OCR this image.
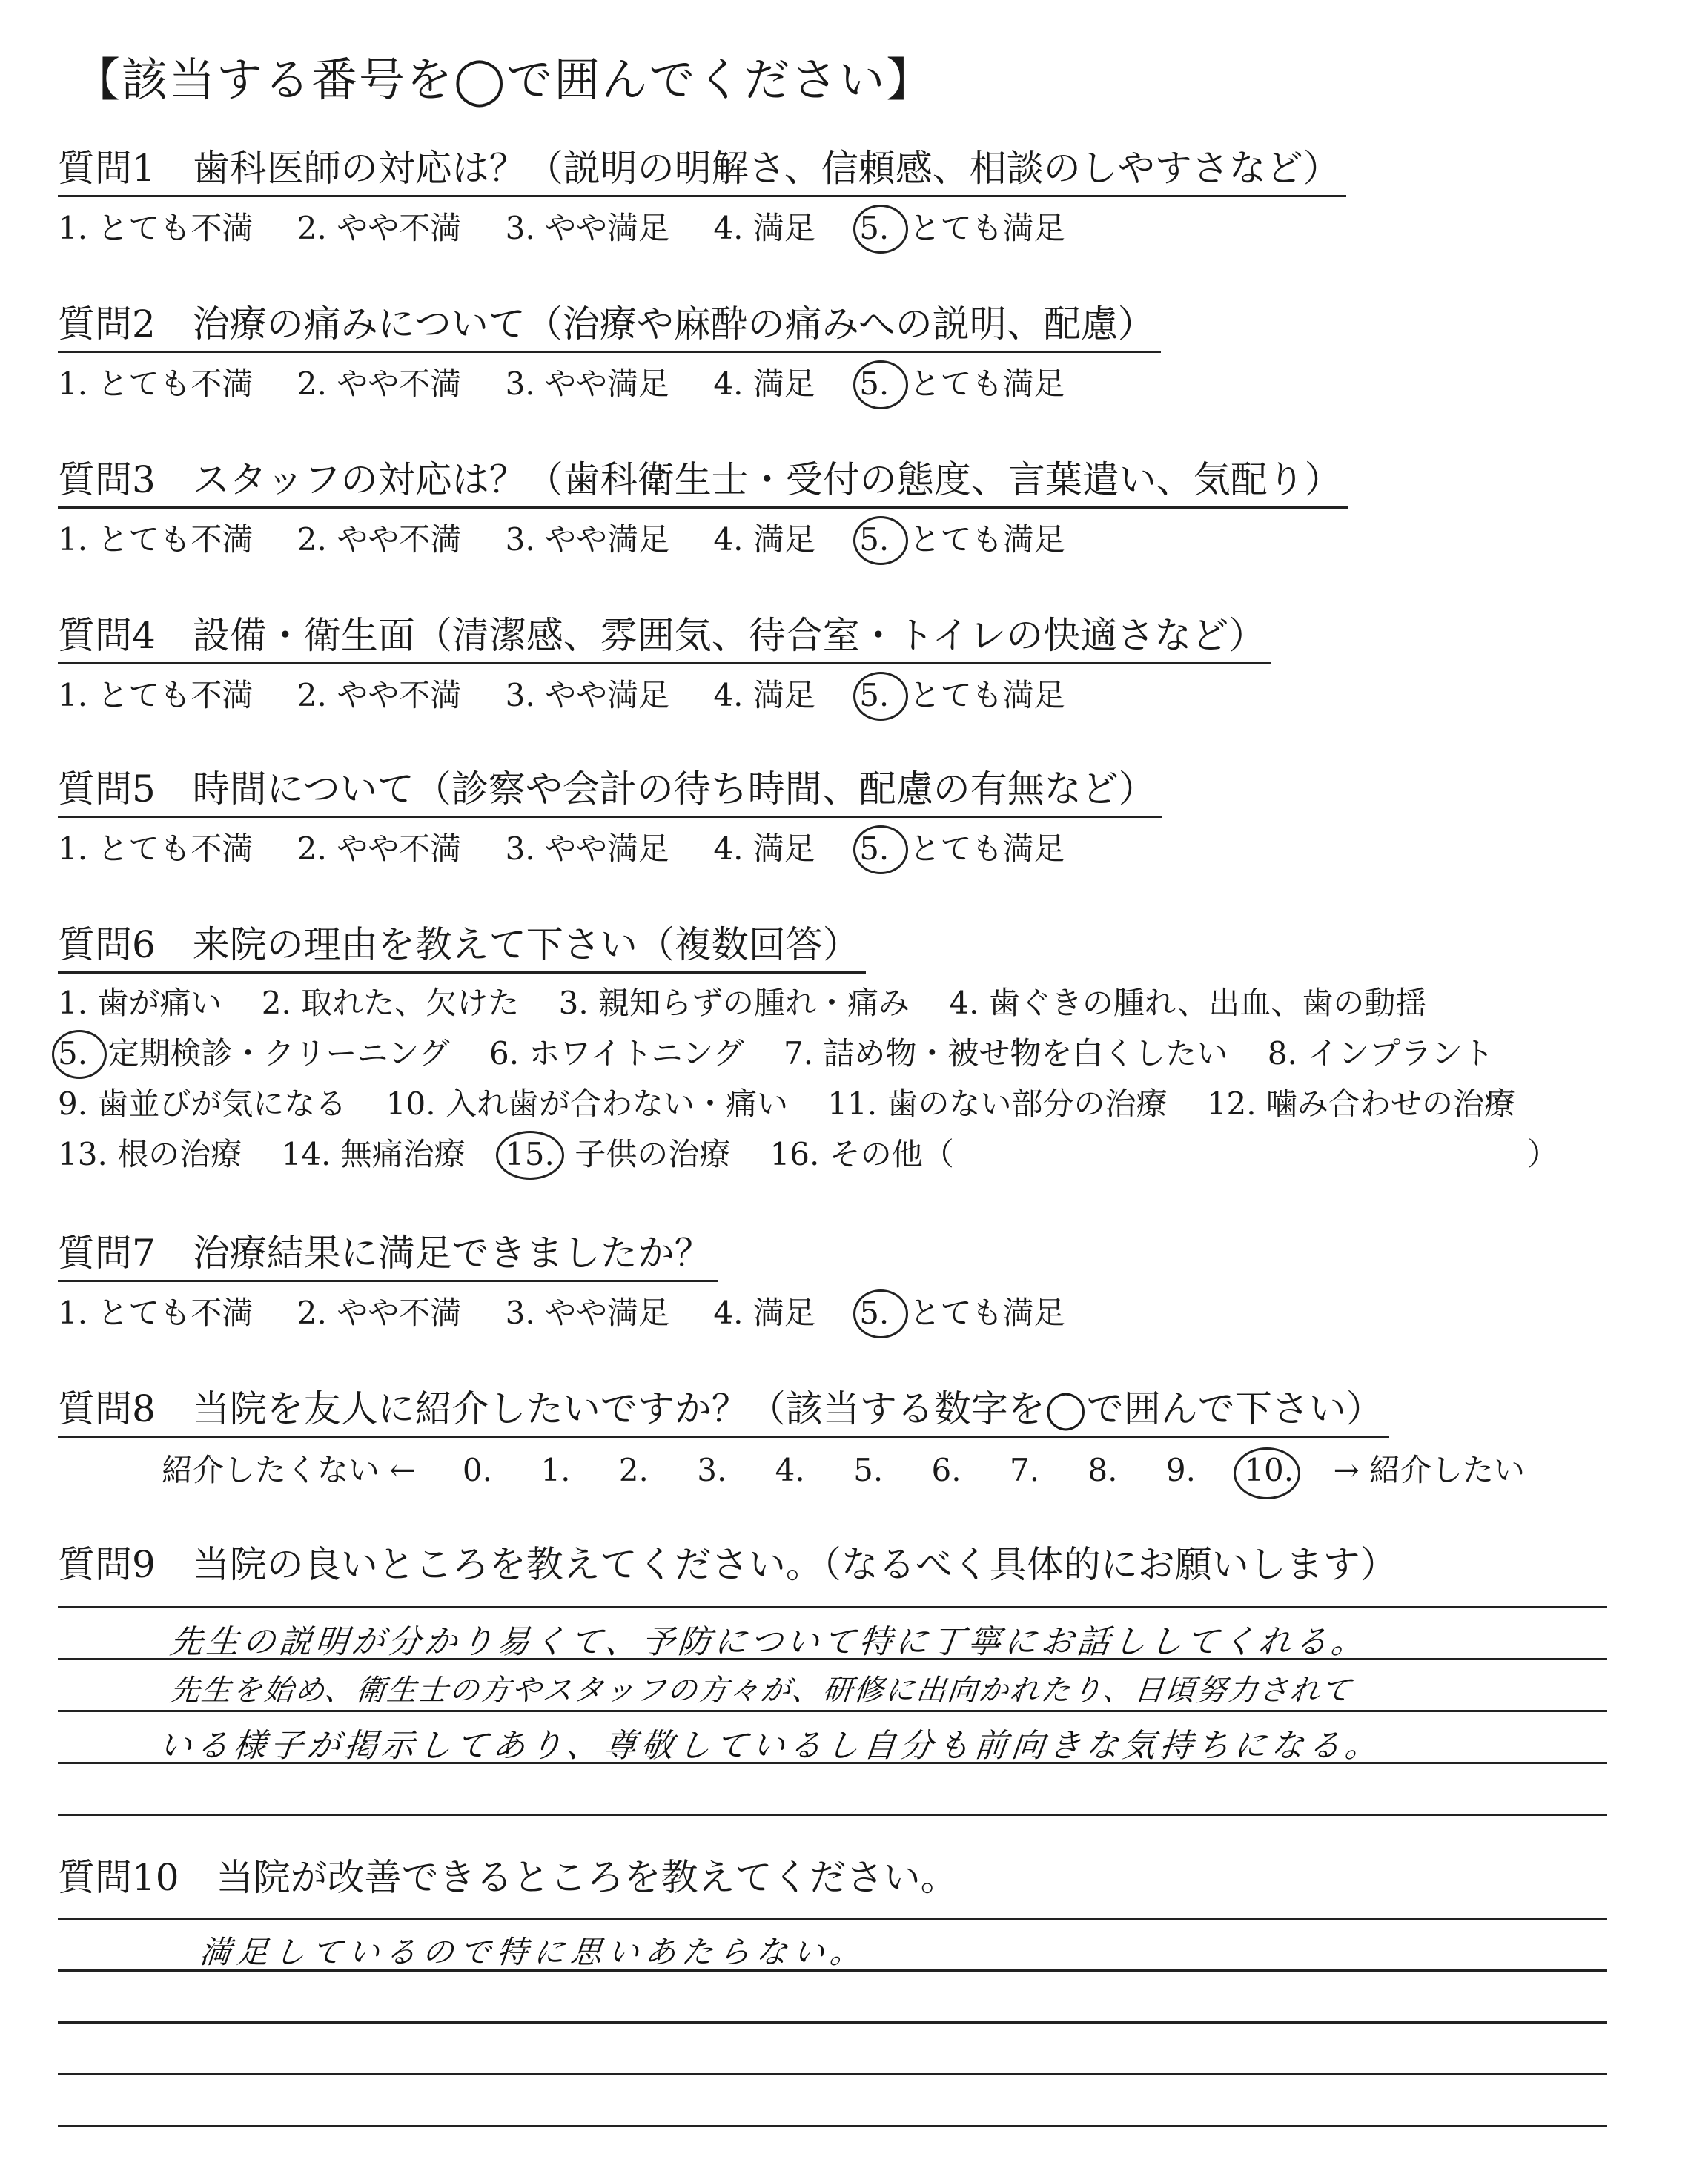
【該当する番号を◯で囲んでください】
質問1　歯科医師の対応は？（説明の明解さ、信頼感、相談のしやすさなど）
1. とても不満 2. やや不満 3. やや満足 4. 満足 5. とても満足
質問2　治療の痛みについて（治療や麻酔の痛みへの説明、配慮）
1. とても不満 2. やや不満 3. やや満足 4. 満足 5. とても満足
質問3　スタッフの対応は？（歯科衛生士・受付の態度、言葉遣い、気配り）
1. とても不満 2. やや不満 3. やや満足 4. 満足 5. とても満足
質問4　設備・衛生面（清潔感、雰囲気、待合室・トイレの快適さなど）
1. とても不満 2. やや不満 3. やや満足 4. 満足 5. とても満足
質問5　時間について（診察や会計の待ち時間、配慮の有無など）
1. とても不満 2. やや不満 3. やや満足 4. 満足 5. とても満足
質問6　来院の理由を教えて下さい（複数回答）
1. 歯が痛い 2. 取れた、欠けた 3. 親知らずの腫れ・痛み 4. 歯ぐきの腫れ、出血、歯の動揺
5. 定期検診・クリーニング 6. ホワイトニング 7. 詰め物・被せ物を白くしたい 8. インプラント
9. 歯並びが気になる 10. 入れ歯が合わない・痛い 11. 歯のない部分の治療 12. 噛み合わせの治療
13. 根の治療 14. 無痛治療 15. 子供の治療 16. その他（	）
質問7　治療結果に満足できましたか？
1. とても不満 2. やや不満 3. やや満足 4. 満足 5. とても満足
質問8　当院を友人に紹介したいですか？（該当する数字を◯で囲んで下さい）
紹介したくない ← 0. 1. 2. 3. 4. 5. 6. 7. 8. 9. 10. → 紹介したい
質問9　当院の良いところを教えてください。（なるべく具体的にお願いします）
先生の説明が分かり易くて、予防について特に丁寧にお話ししてくれる。
先生を始め、衛生士の方やスタッフの方々が、研修に出向かれたり、日頃努力されて
いる様子が掲示してあり、尊敬しているし自分も前向きな気持ちになる。
質問10　当院が改善できるところを教えてください。
満足しているので特に思いあたらない。
